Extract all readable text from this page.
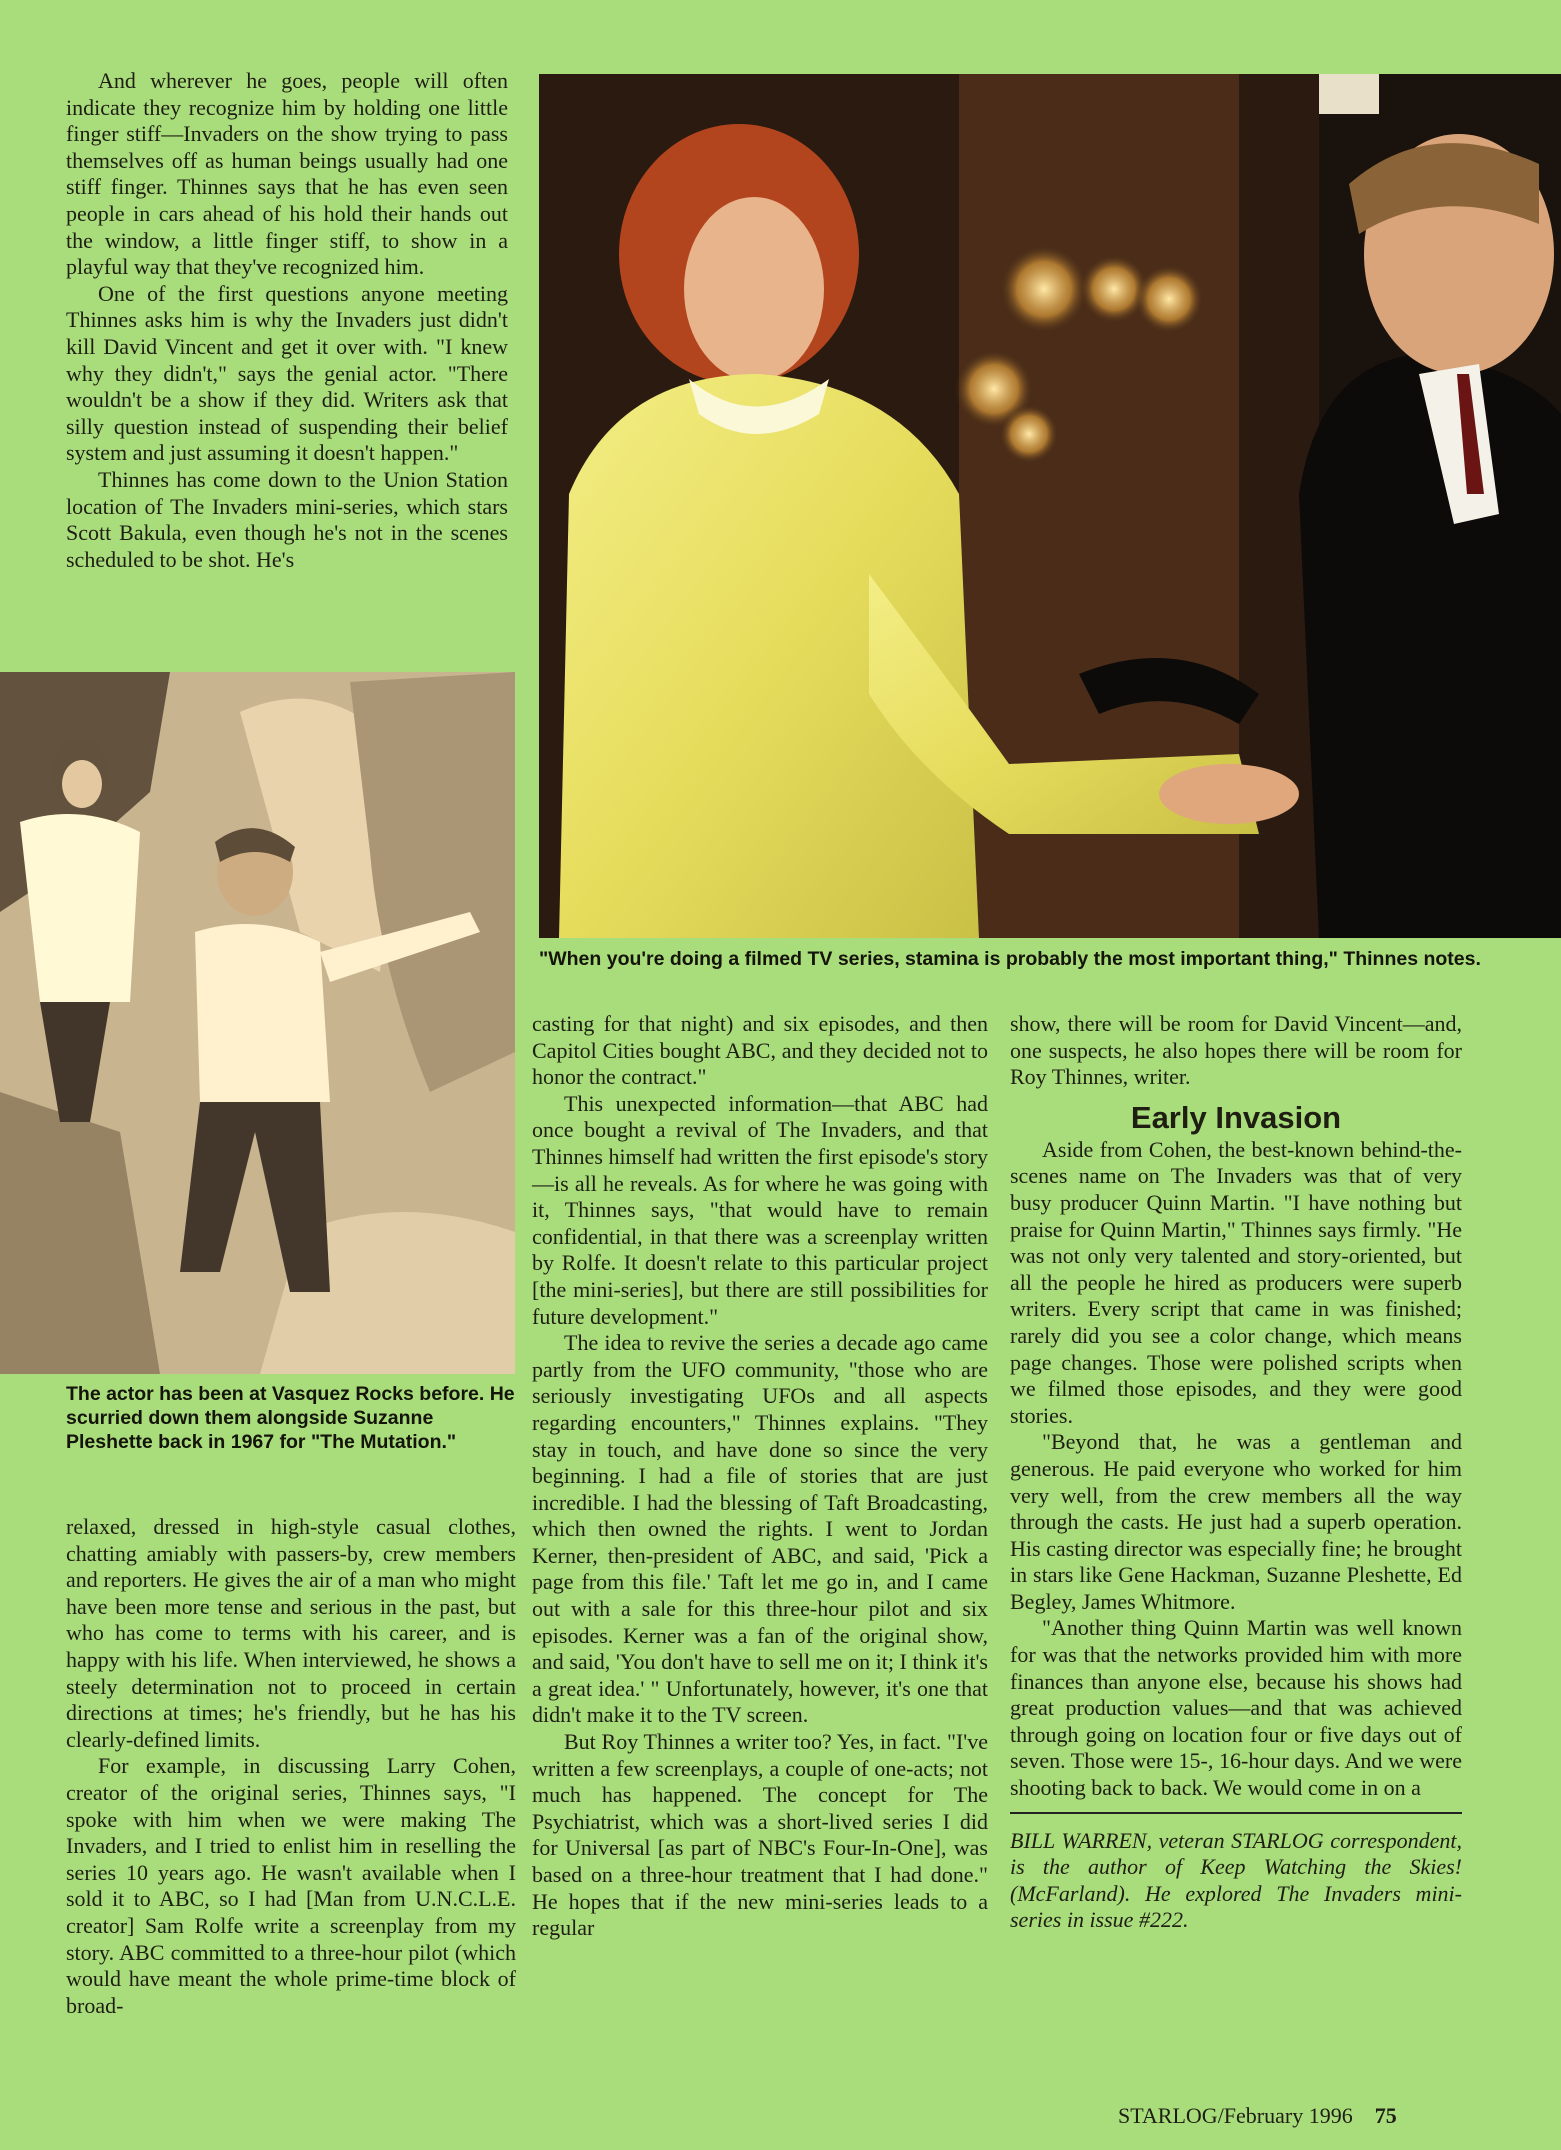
And wherever he goes, people will often indicate they recognize him by holding one little finger stiff—Invaders on the show trying to pass themselves off as human beings usually had one stiff finger. Thinnes says that he has even seen people in cars ahead of his hold their hands out the window, a little finger stiff, to show in a playful way that they've recognized him.

One of the first questions anyone meeting Thinnes asks him is why the Invaders just didn't kill David Vincent and get it over with. "I knew why they didn't," says the genial actor. "There wouldn't be a show if they did. Writers ask that silly question instead of suspending their belief system and just assuming it doesn't happen."

Thinnes has come down to the Union Station location of The Invaders mini-series, which stars Scott Bakula, even though he's not in the scenes scheduled to be shot. He's

"When you're doing a filmed TV series, stamina is probably the most important thing," Thinnes notes.
The actor has been at Vasquez Rocks before. He scurried down them alongside Suzanne Pleshette back in 1967 for "The Mutation."

relaxed, dressed in high-style casual clothes, chatting amiably with passers-by, crew members and reporters. He gives the air of a man who might have been more tense and serious in the past, but who has come to terms with his career, and is happy with his life. When interviewed, he shows a steely determination not to proceed in certain directions at times; he's friendly, but he has his clearly-defined limits.

For example, in discussing Larry Cohen, creator of the original series, Thinnes says, "I spoke with him when we were making The Invaders, and I tried to enlist him in reselling the series 10 years ago. He wasn't available when I sold it to ABC, so I had [Man from U.N.C.L.E. creator] Sam Rolfe write a screenplay from my story. ABC committed to a three-hour pilot (which would have meant the whole prime-time block of broad-

casting for that night) and six episodes, and then Capitol Cities bought ABC, and they decided not to honor the contract."

This unexpected information—that ABC had once bought a revival of The Invaders, and that Thinnes himself had written the first episode's story—is all he reveals. As for where he was going with it, Thinnes says, "that would have to remain confidential, in that there was a screenplay written by Rolfe. It doesn't relate to this particular project [the mini-series], but there are still possibilities for future development."

The idea to revive the series a decade ago came partly from the UFO community, "those who are seriously investigating UFOs and all aspects regarding encounters," Thinnes explains. "They stay in touch, and have done so since the very beginning. I had a file of stories that are just incredible. I had the blessing of Taft Broadcasting, which then owned the rights. I went to Jordan Kerner, then-president of ABC, and said, 'Pick a page from this file.' Taft let me go in, and I came out with a sale for this three-hour pilot and six episodes. Kerner was a fan of the original show, and said, 'You don't have to sell me on it; I think it's a great idea.' " Unfortunately, however, it's one that didn't make it to the TV screen.

But Roy Thinnes a writer too? Yes, in fact. "I've written a few screenplays, a couple of one-acts; not much has happened. The concept for The Psychiatrist, which was a short-lived series I did for Universal [as part of NBC's Four-In-One], was based on a three-hour treatment that I had done." He hopes that if the new mini-series leads to a regular

show, there will be room for David Vincent—and, one suspects, he also hopes there will be room for Roy Thinnes, writer.

Early Invasion

Aside from Cohen, the best-known behind-the-scenes name on The Invaders was that of very busy producer Quinn Martin. "I have nothing but praise for Quinn Martin," Thinnes says firmly. "He was not only very talented and story-oriented, but all the people he hired as producers were superb writers. Every script that came in was finished; rarely did you see a color change, which means page changes. Those were polished scripts when we filmed those episodes, and they were good stories.

"Beyond that, he was a gentleman and generous. He paid everyone who worked for him very well, from the crew members all the way through the casts. He just had a superb operation. His casting director was especially fine; he brought in stars like Gene Hackman, Suzanne Pleshette, Ed Begley, James Whitmore.

"Another thing Quinn Martin was well known for was that the networks provided him with more finances than anyone else, because his shows had great production values—and that was achieved through going on location four or five days out of seven. Those were 15-, 16-hour days. And we were shooting back to back. We would come in on a

BILL WARREN, veteran STARLOG correspondent, is the author of Keep Watching the Skies! (McFarland). He explored The Invaders mini-series in issue #222.

STARLOG/February 1996 75
